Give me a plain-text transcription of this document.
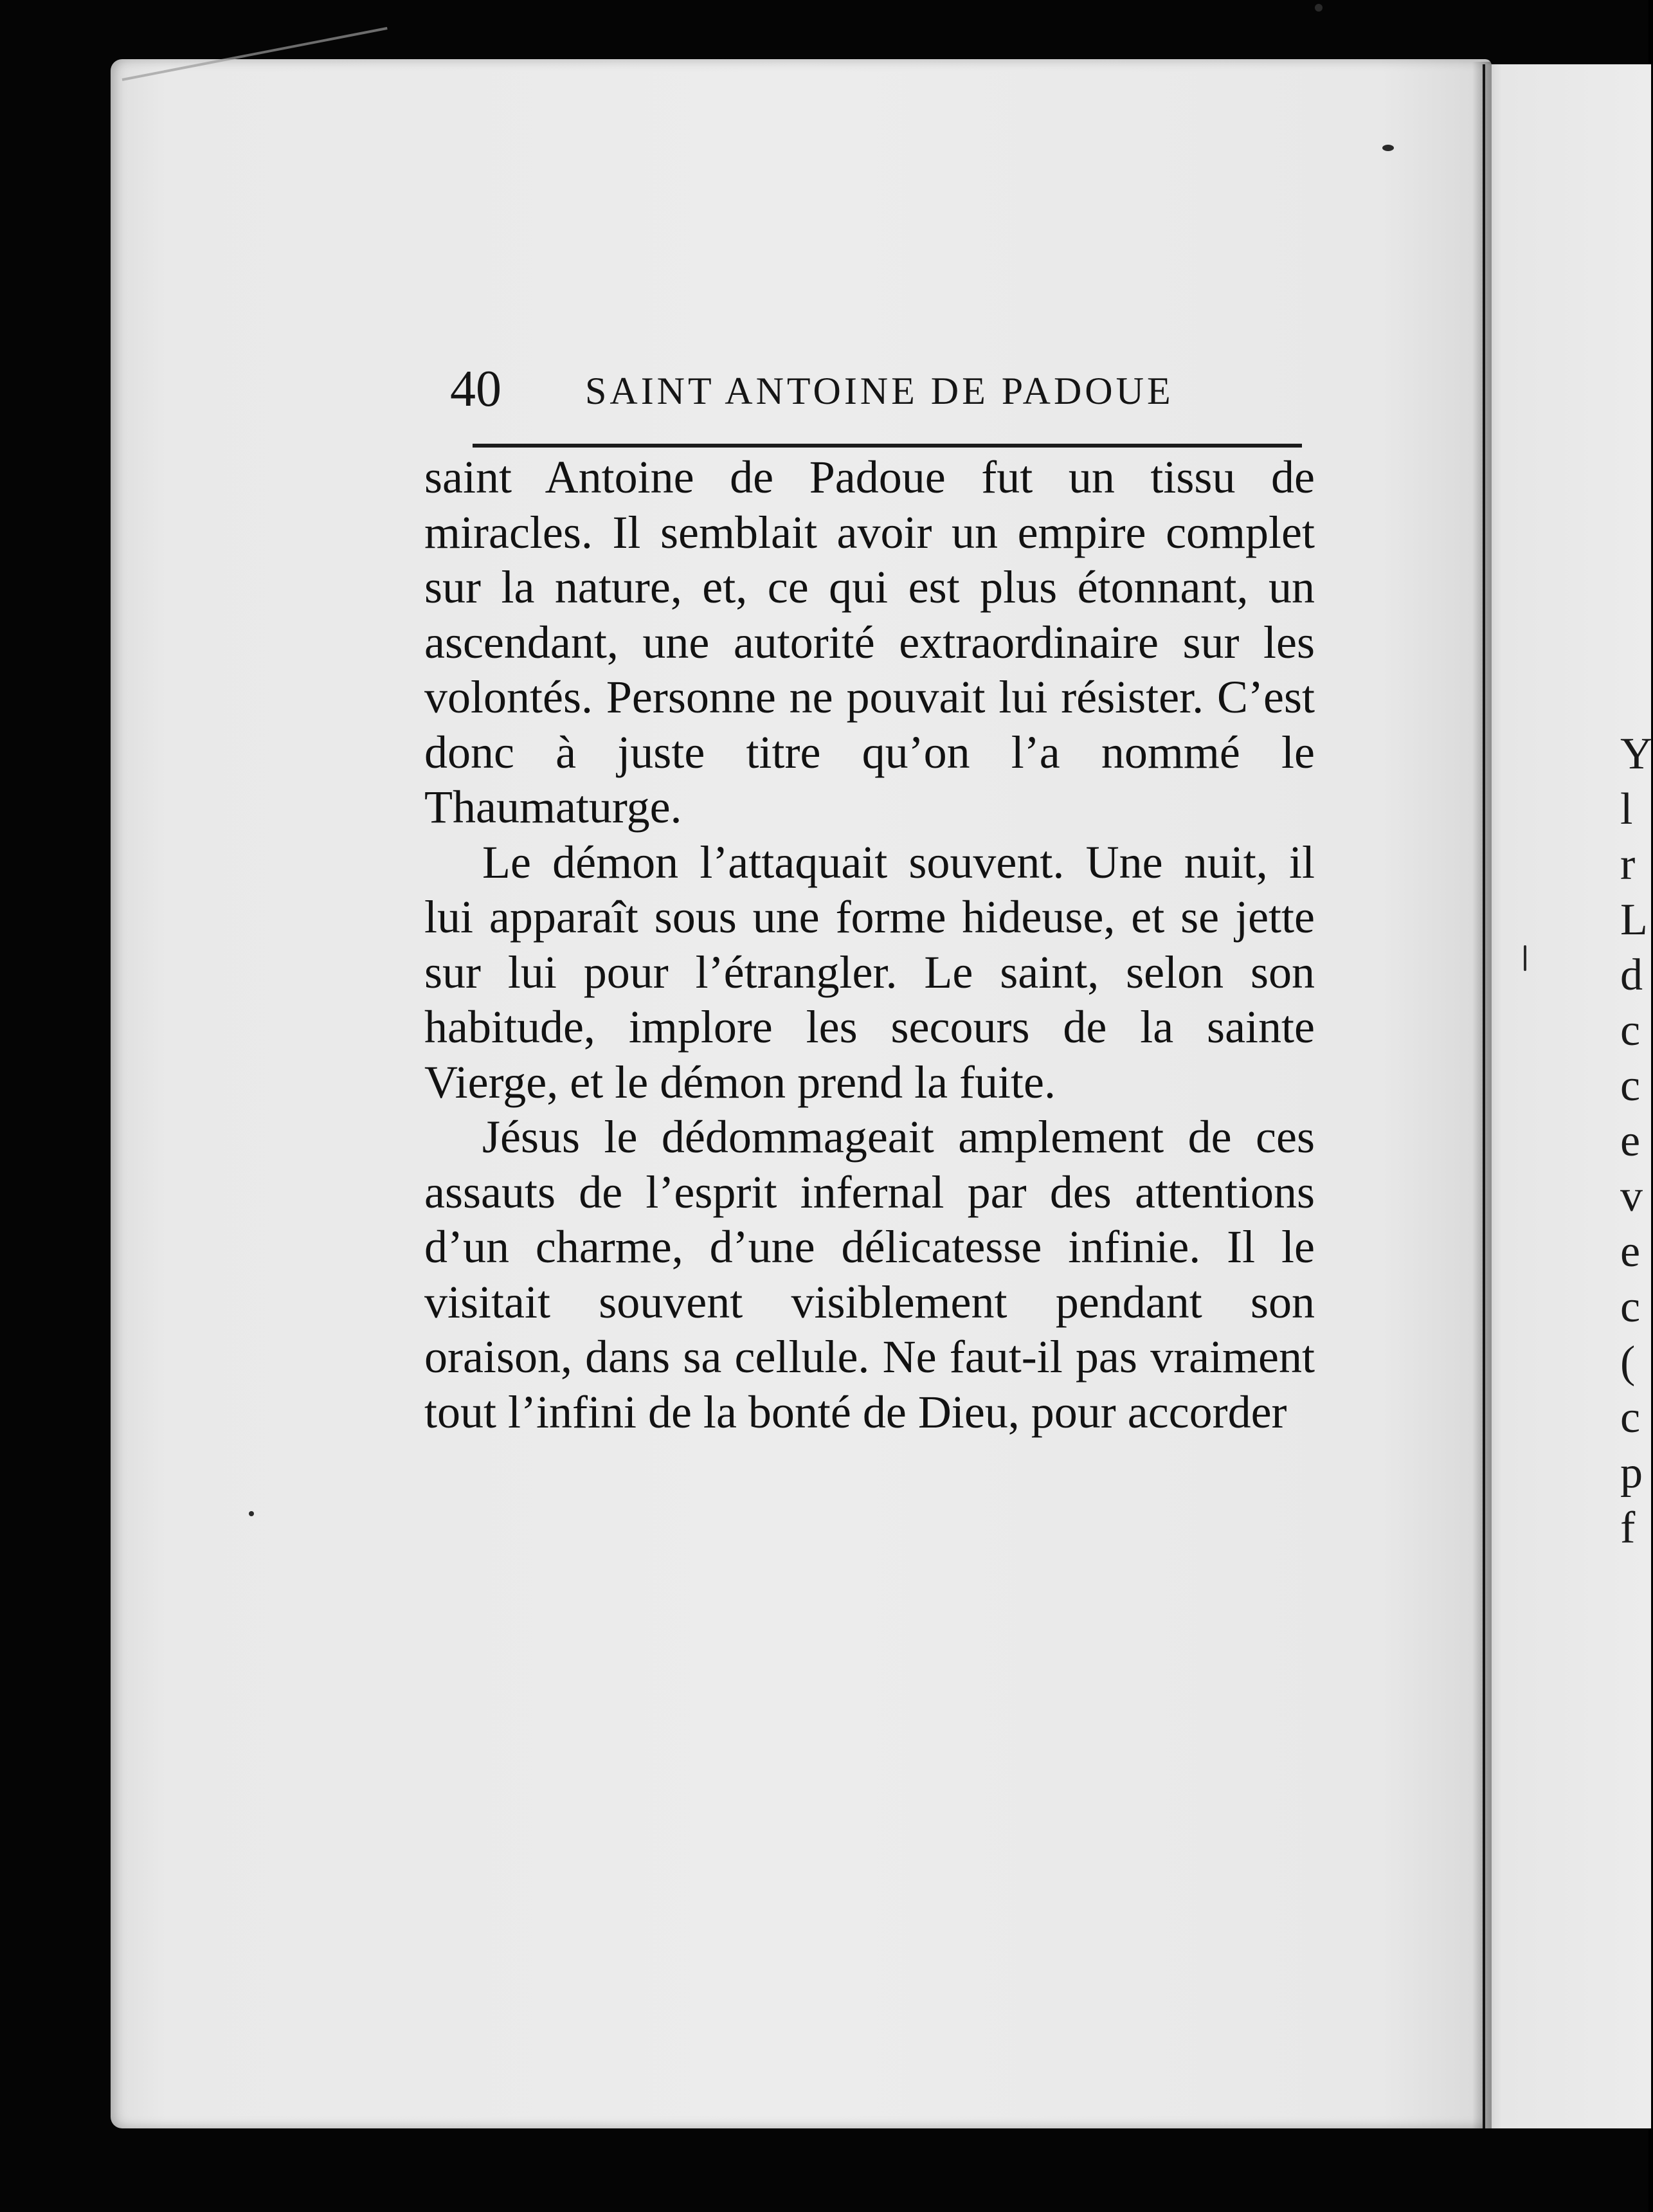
40 SAINT ANTOINE DE PADOUE

saint Antoine de Padoue fut un tissu de miracles. Il semblait avoir un empire complet sur la nature, et, ce qui est plus étonnant, un ascendant, une autorité extraordinaire sur les volontés. Personne ne pouvait lui résister. C’est donc à juste titre qu’on l’a nommé le Thaumaturge.

Le démon l’attaquait souvent. Une nuit, il lui apparaît sous une forme hideuse, et se jette sur lui pour l’étrangler. Le saint, selon son habitude, implore les secours de la sainte Vierge, et le démon prend la fuite.

Jésus le dédommageait amplement de ces assauts de l’esprit infernal par des attentions d’un charme, d’une délicatesse infinie. Il le visitait souvent visiblement pendant son oraison, dans sa cellule. Ne faut-il pas vraiment tout l’infini de la bonté de Dieu, pour accorder

Y
l
r
L
d
c
c
e
v
e
c
(
c
p
f
